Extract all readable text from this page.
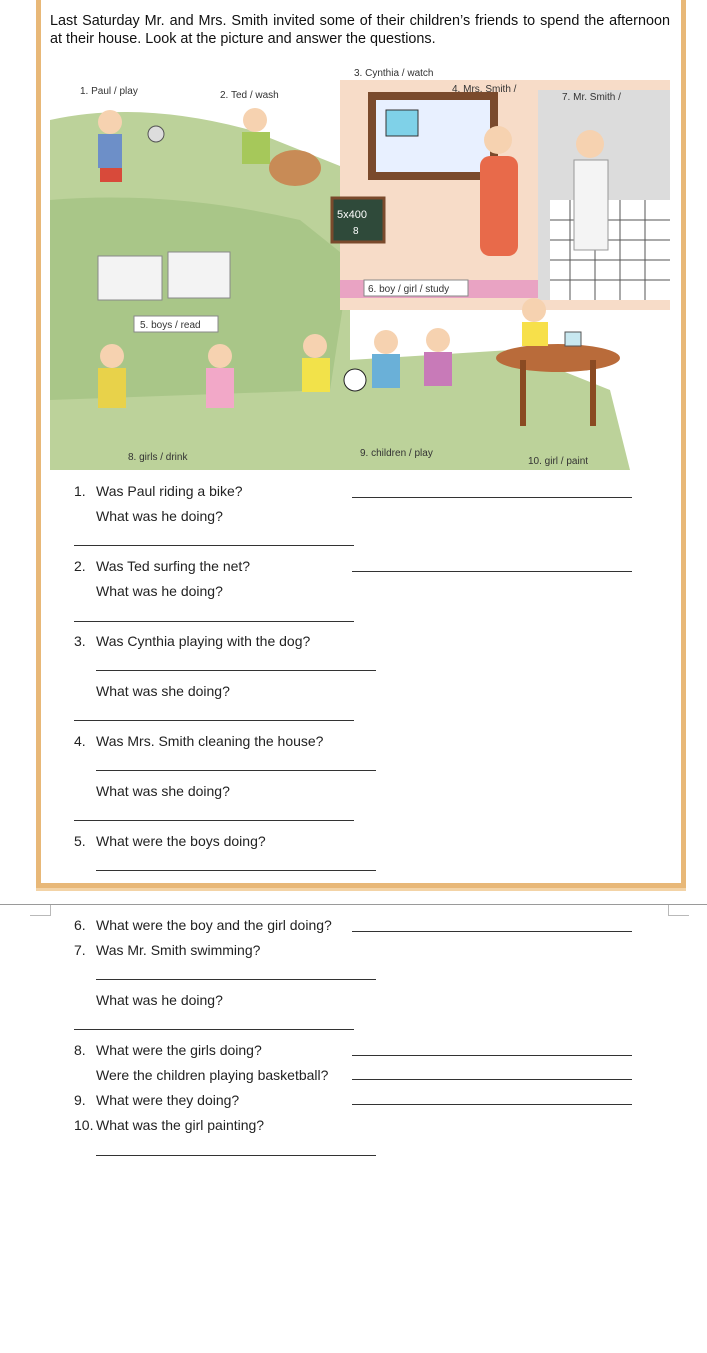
Last Saturday Mr. and Mrs. Smith invited some of their children’s friends to spend the afternoon at their house. Look at the picture and answer the questions.
5x400
8
1. Paul / play	2. Ted / wash
3. Cynthia / watch
4. Mrs. Smith /
7. Mr. Smith /
5. boys / read
6. boy / girl / study
8. girls / drink	9. children / play
10. girl / paint
1. Was Paul riding a bike?
What was he doing?
2. Was Ted surfing the net?
What was he doing?
3. Was Cynthia playing with the dog?
What was she doing?
4. Was Mrs. Smith cleaning the house?
What was she doing?
5. What were the boys doing?
6. What were the boy and the girl doing?
7. Was Mr. Smith swimming?
What was he doing?
8. What were the girls doing?
Were the children playing basketball?
9. What were they doing?
10. What was the girl painting?
